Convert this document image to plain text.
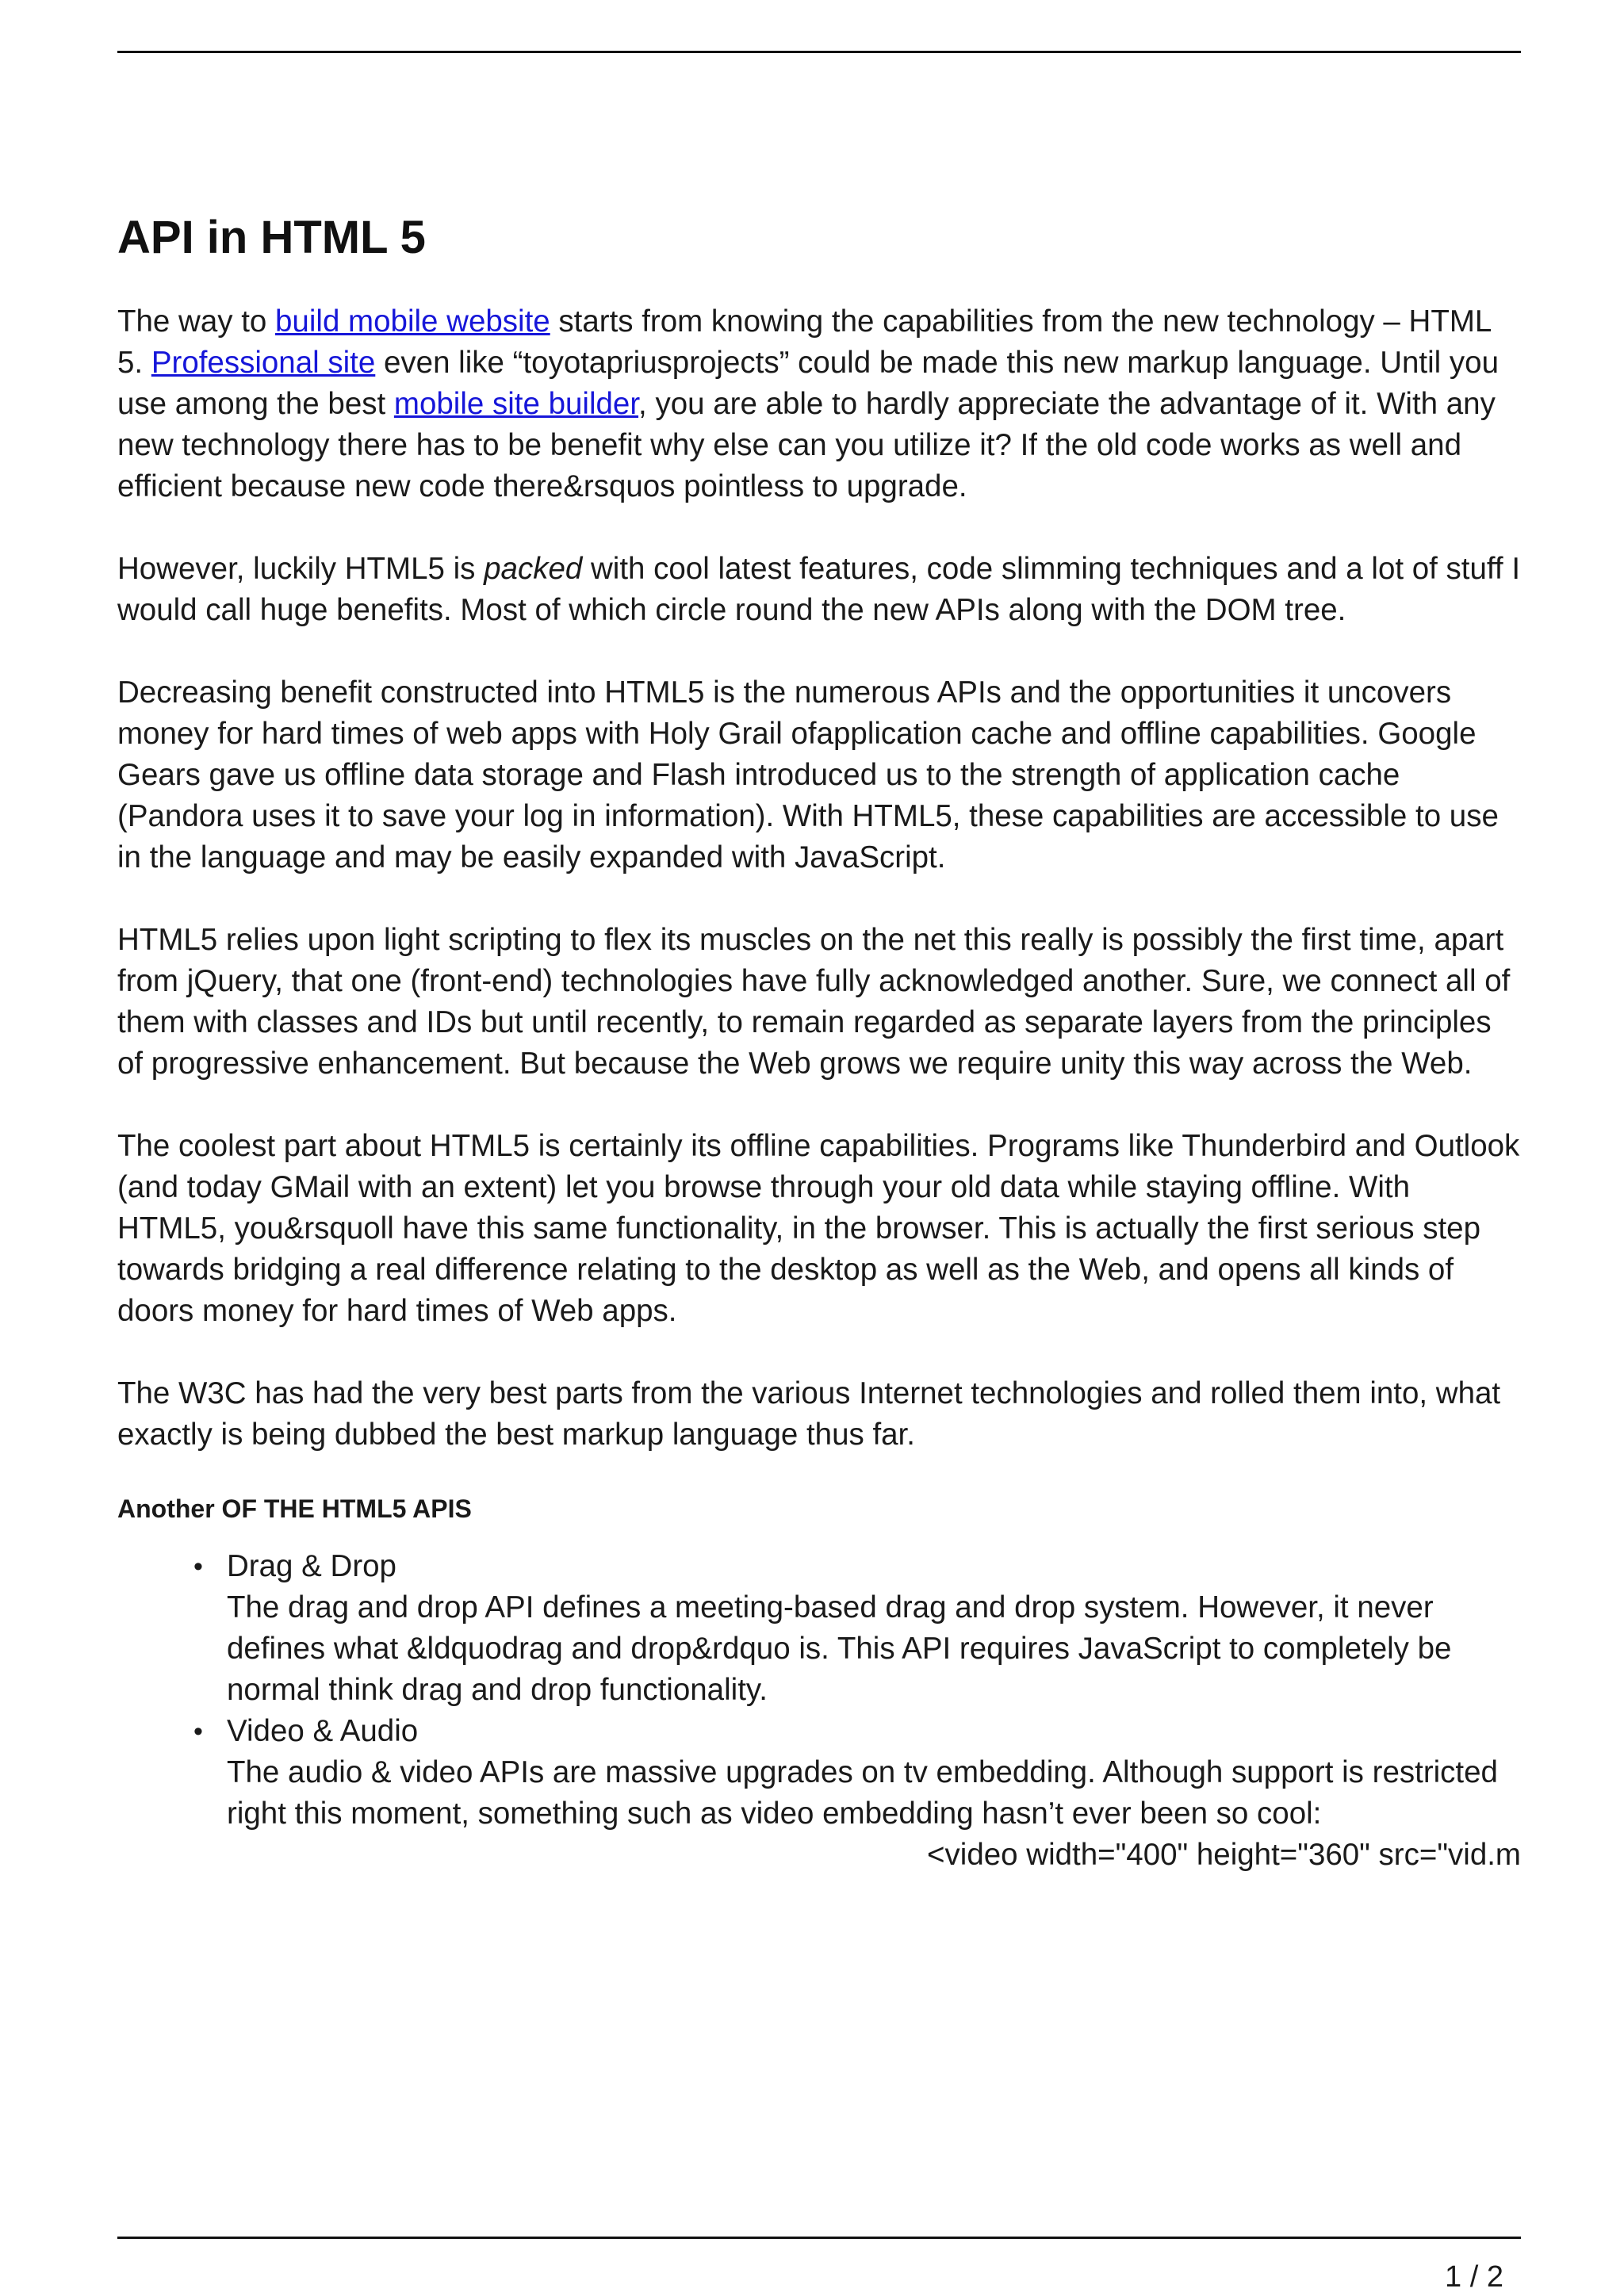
API in HTML 5

The way to build mobile website starts from knowing the capabilities from the new technology – HTML 5. Professional site even like “toyotapriusprojects” could be made this new markup language. Until you use among the best mobile site builder, you are able to hardly appreciate the advantage of it. With any new technology there has to be benefit why else can you utilize it? If the old code works as well and efficient because new code there&rsquos pointless to upgrade.

However, luckily HTML5 is packed with cool latest features, code slimming techniques and a lot of stuff I would call huge benefits. Most of which circle round the new APIs along with the DOM tree.

Decreasing benefit constructed into HTML5 is the numerous APIs and the opportunities it uncovers money for hard times of web apps with Holy Grail ofapplication cache and offline capabilities. Google Gears gave us offline data storage and Flash introduced us to the strength of application cache (Pandora uses it to save your log in information). With HTML5, these capabilities are accessible to use in the language and may be easily expanded with JavaScript.

HTML5 relies upon light scripting to flex its muscles on the net this really is possibly the first time, apart from jQuery, that one (front-end) technologies have fully acknowledged another. Sure, we connect all of them with classes and IDs but until recently, to remain regarded as separate layers from the principles of progressive enhancement. But because the Web grows we require unity this way across the Web.

The coolest part about HTML5 is certainly its offline capabilities. Programs like Thunderbird and Outlook (and today GMail with an extent) let you browse through your old data while staying offline. With HTML5, you&rsquoll have this same functionality, in the browser. This is actually the first serious step towards bridging a real difference relating to the desktop as well as the Web, and opens all kinds of doors money for hard times of Web apps.

The W3C has had the very best parts from the various Internet technologies and rolled them into, what exactly is being dubbed the best markup language thus far.

Another OF THE HTML5 APIS
• Drag & Drop
The drag and drop API defines a meeting-based drag and drop system. However, it never defines what &ldquodrag and drop&rdquo is. This API requires JavaScript to completely be normal think drag and drop functionality.
• Video & Audio
The audio & video APIs are massive upgrades on tv embedding. Although support is restricted right this moment, something such as video embedding hasn’t ever been so cool:
<video width="400" height="360" src="vid.m
1 / 2
